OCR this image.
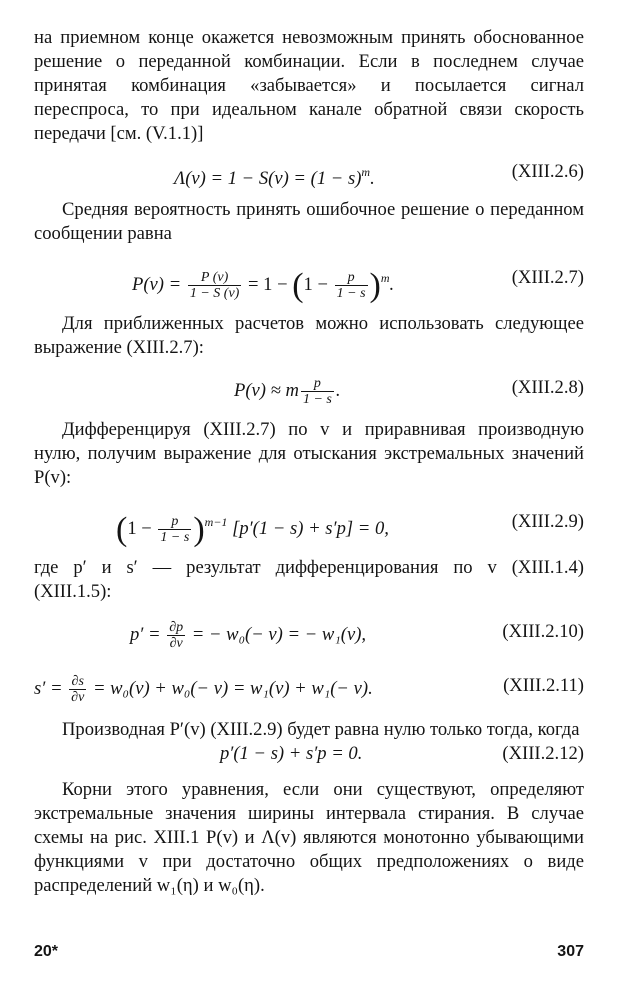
на приемном конце окажется невозможным принять обоснованное решение о переданной комбинации. Если в последнем случае принятая комбинация «забывается» и посылается сигнал переспроса, то при идеальном канале обратной связи скорость передачи [см. (V.1.1)]

$\Lambda(v) = 1 - S(v) = (1 - s)^m$.	(XIII.2.6)

Средняя вероятность принять ошибочное решение о переданном сообщении равна

$P(v) = \frac{P (v)}{1 - S (v)} = 1 - (1 - \frac{p}{1 - s} )^m$.	(XIII.2.7)

Для приближенных расчетов можно использовать следующее выражение (XIII.2.7):

P(v) ≈ m $\frac{p}{1 - s}$ .	(XIII.2.8)

Дифференцируя (XIII.2.7) по v и приравнивая производную нулю, получим выражение для отыскания экстремальных значений P(v):

$(1 - \frac{p}{1 - s} )^{m-1}$ [p′(1 − s) + s′p] = 0,	(XIII.2.9)

где p′ и s′ — результат дифференцирования по v (XIII.1.4)

(XIII.1.5):

$p' = \frac{\partial p}{\partial v}$ = − w₀(− v) = − w₁(v),	(XIII.2.10)
$s' = \frac{\partial s}{\partial v} = w_0(v) + w_0(- v) = w_1(v) + w_1(- v)$.	(XIII.2.11)

Производная P′(v) (XIII.2.9) будет равна нулю только тогда, когда

p′(1 − s) + s′p = 0.	(XIII.2.12)

Корни этого уравнения, если они существуют, определяют экстремальные значения ширины интервала стирания. В случае схемы на рис. XIII.1 P(v) и Λ(v) являются монотонно убывающими функциями v при достаточно общих предположениях о виде распределений w₁(η) и w₀(η).

20*	307
